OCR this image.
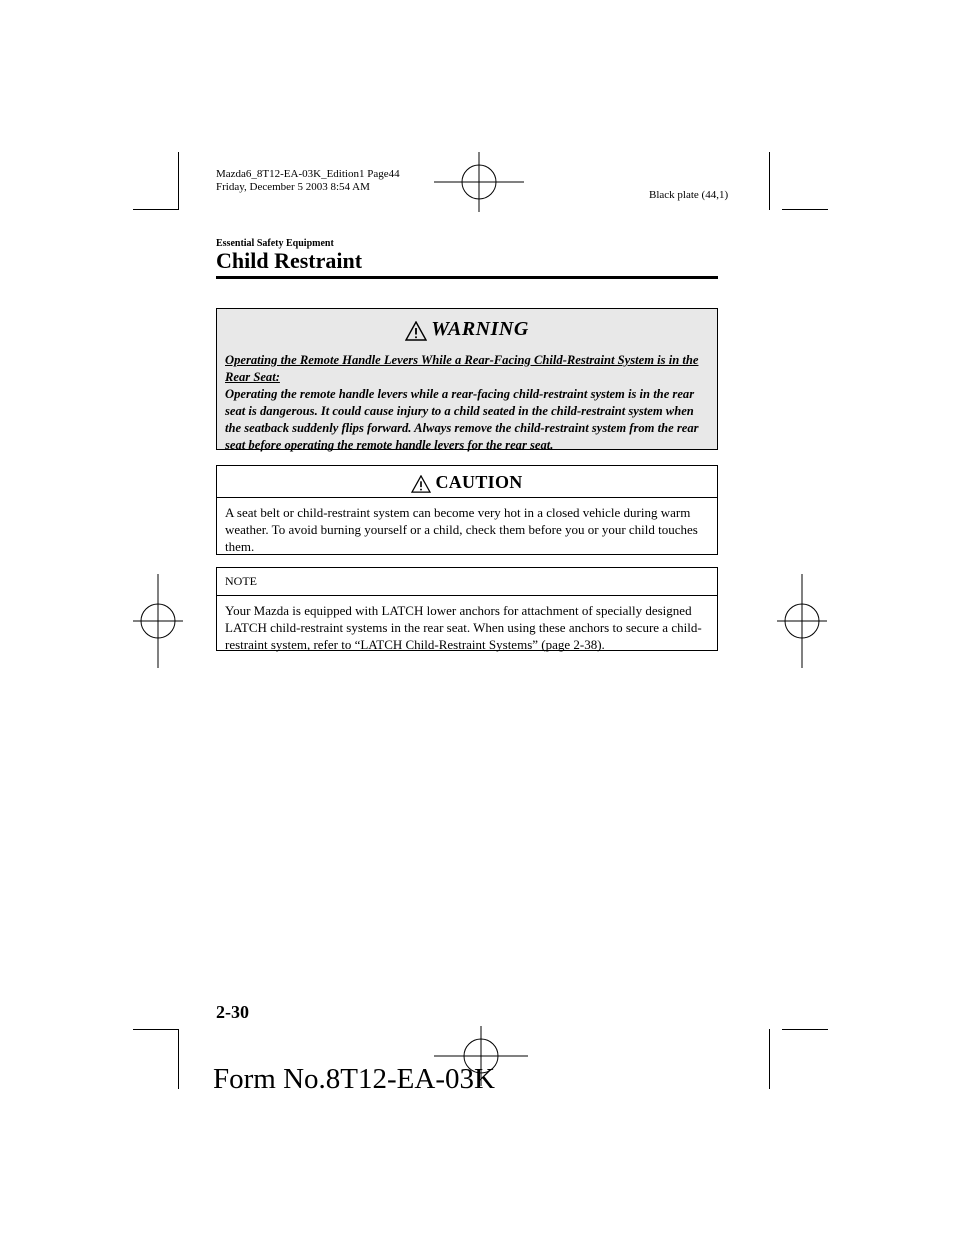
Mazda6_8T12-EA-03K_Edition1 Page44
Friday, December 5 2003 8:54 AM
Black plate (44,1)
Essential Safety Equipment
Child Restraint
WARNING
Operating the Remote Handle Levers While a Rear-Facing Child-Restraint System is in the Rear Seat:
Operating the remote handle levers while a rear-facing child-restraint system is in the rear seat is dangerous. It could cause injury to a child seated in the child-restraint system when the seatback suddenly flips forward. Always remove the child-restraint system from the rear seat before operating the remote handle levers for the rear seat.
CAUTION
A seat belt or child-restraint system can become very hot in a closed vehicle during warm weather. To avoid burning yourself or a child, check them before you or your child touches them.
NOTE
Your Mazda is equipped with LATCH lower anchors for attachment of specially designed LATCH child-restraint systems in the rear seat. When using these anchors to secure a child-restraint system, refer to “LATCH Child-Restraint Systems” (page 2-38).
2-30
Form No.8T12-EA-03K
